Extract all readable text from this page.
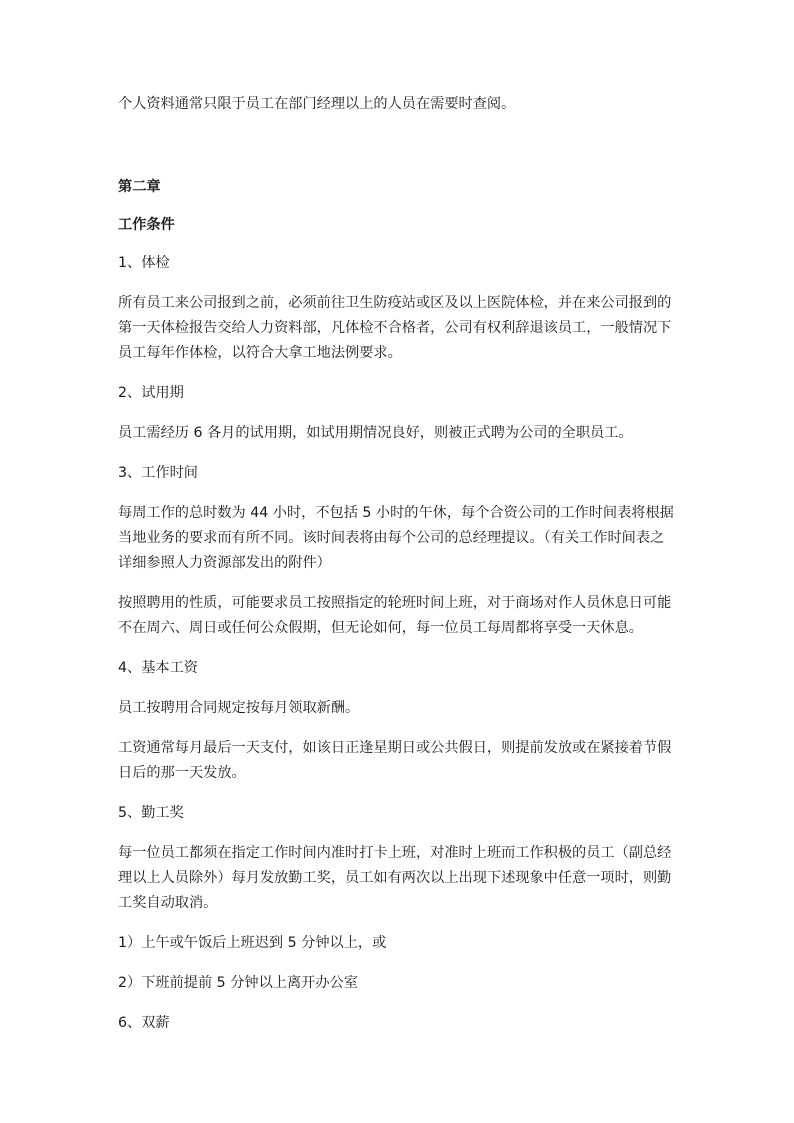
个人资料通常只限于员工在部门经理以上的人员在需要时查阅。

第二章

工作条件

1、体检

所有员工来公司报到之前，必须前往卫生防疫站或区及以上医院体检，并在来公司报到的第一天体检报告交给人力资料部，凡体检不合格者，公司有权利辞退该员工，一般情况下员工每年作体检，以符合大拿工地法例要求。

2、试用期

员工需经历 6 各月的试用期，如试用期情况良好，则被正式聘为公司的全职员工。

3、工作时间

每周工作的总时数为 44 小时，不包括 5 小时的午休，每个合资公司的工作时间表将根据当地业务的要求而有所不同。该时间表将由每个公司的总经理提议。（有关工作时间表之详细参照人力资源部发出的附件）

按照聘用的性质，可能要求员工按照指定的轮班时间上班，对于商场对作人员休息日可能不在周六、周日或任何公众假期，但无论如何，每一位员工每周都将享受一天休息。

4、基本工资

员工按聘用合同规定按每月领取新酬。

工资通常每月最后一天支付，如该日正逢星期日或公共假日，则提前发放或在紧接着节假日后的那一天发放。

5、勤工奖

每一位员工都须在指定工作时间内准时打卡上班，对准时上班而工作积极的员工（副总经理以上人员除外）每月发放勤工奖，员工如有两次以上出现下述现象中任意一项时，则勤工奖自动取消。

1）上午或午饭后上班迟到 5 分钟以上，或

2）下班前提前 5 分钟以上离开办公室

6、双薪
